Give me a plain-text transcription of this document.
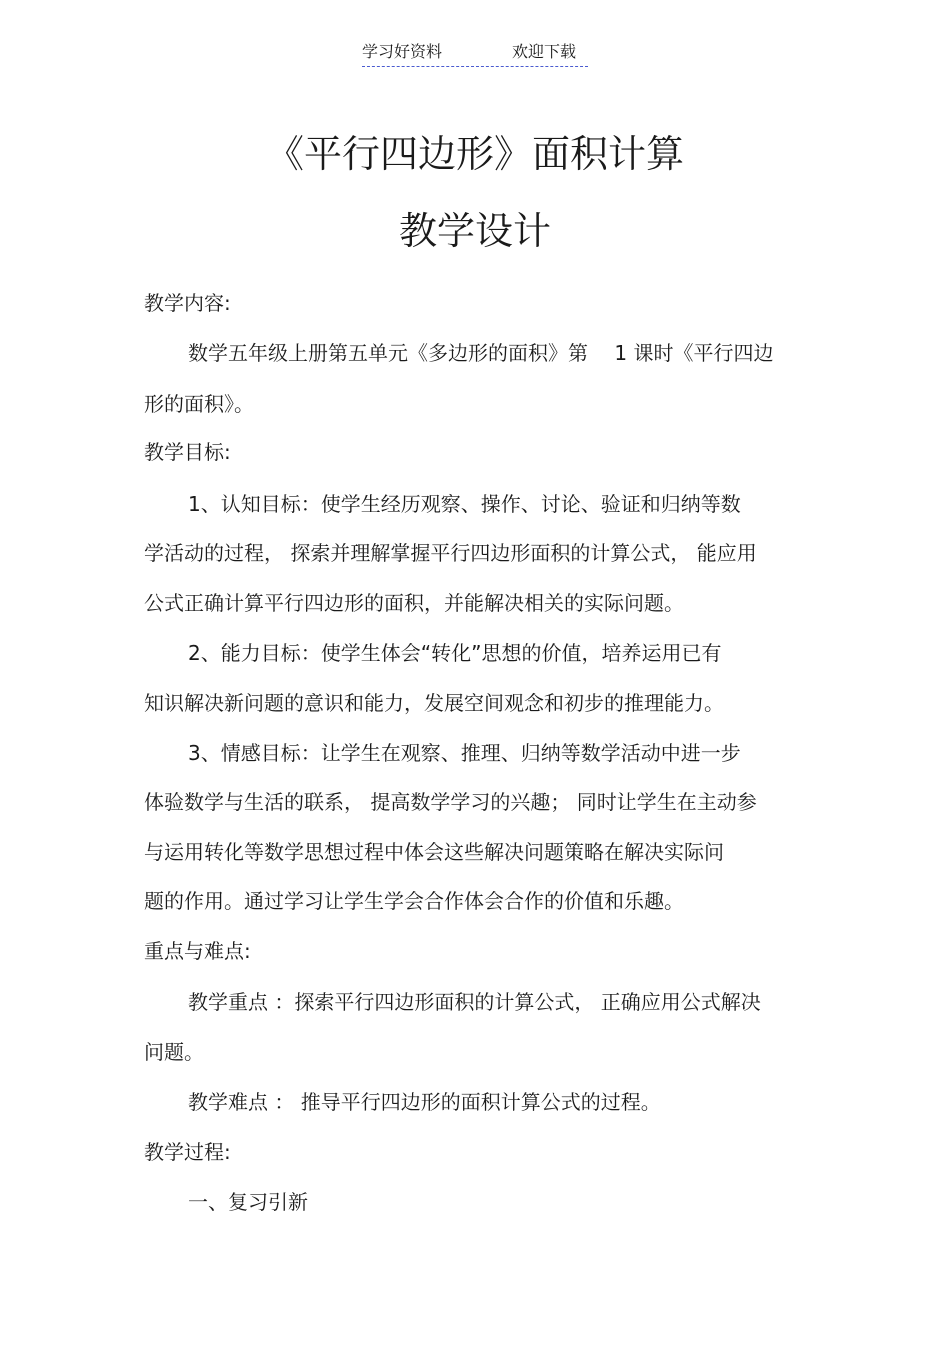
学习好资料	欢迎下载
《平行四边形》面积计算
教学设计
教学内容:
数学五年级上册第五单元《多边形的面积》第　 1 课时《平行四边
形的面积》。
教学目标:
1、认知目标：使学生经历观察、操作、讨论、验证和归纳等数
学活动的过程， 探索并理解掌握平行四边形面积的计算公式， 能应用
公式正确计算平行四边形的面积，并能解决相关的实际问题。
2、能力目标：使学生体会“转化”思想的价值，培养运用已有
知识解决新问题的意识和能力，发展空间观念和初步的推理能力。
3、情感目标：让学生在观察、推理、归纳等数学活动中进一步
体验数学与生活的联系， 提高数学学习的兴趣； 同时让学生在主动参
与运用转化等数学思想过程中体会这些解决问题策略在解决实际问
题的作用。通过学习让学生学会合作体会合作的价值和乐趣。
重点与难点:
教学重点 ：探索平行四边形面积的计算公式， 正确应用公式解决
问题。
教学难点 ： 推导平行四边形的面积计算公式的过程。
教学过程:
一、复习引新
